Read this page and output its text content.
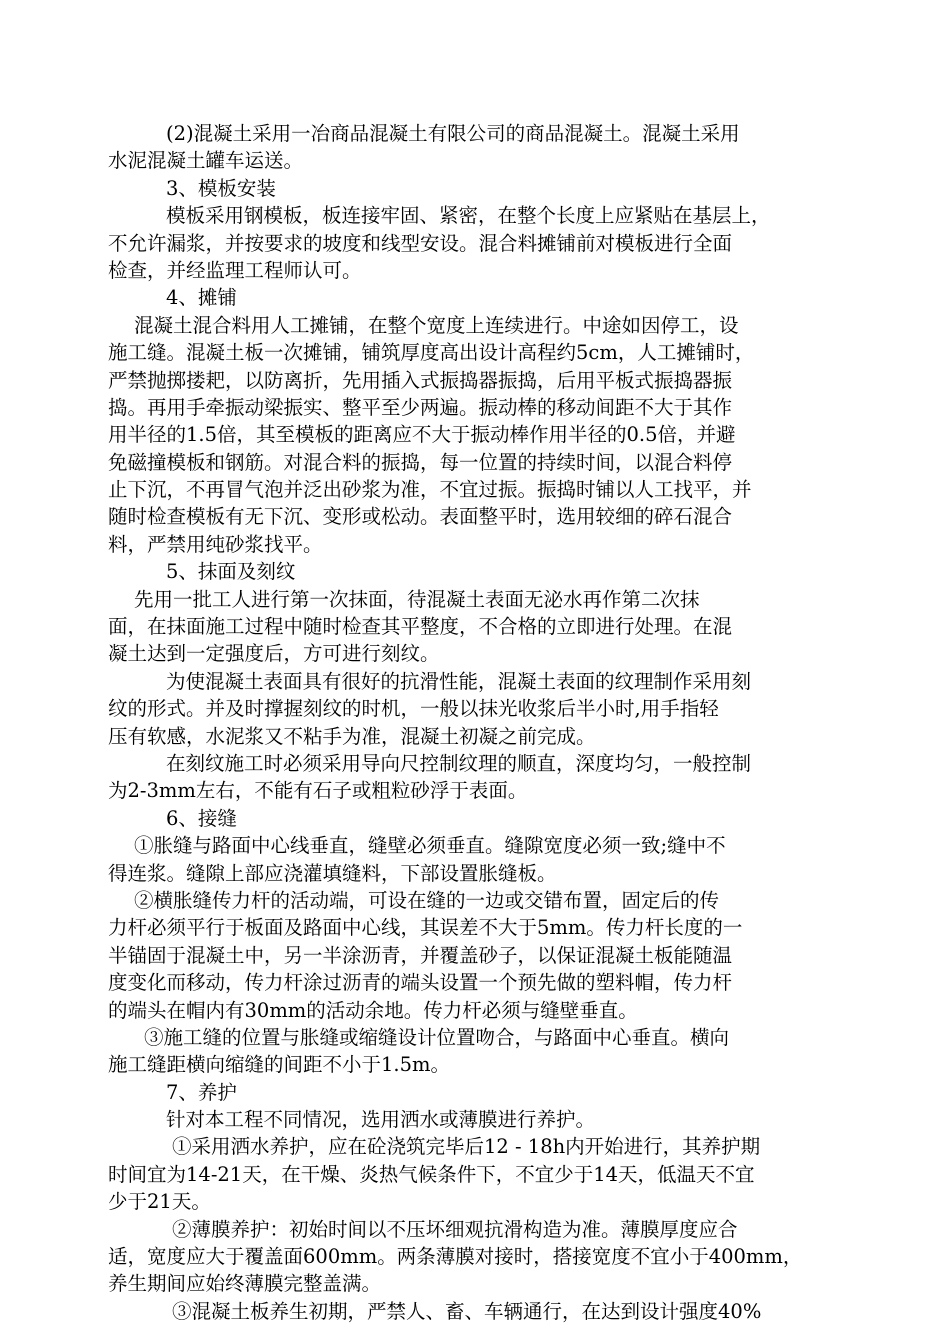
(2)混凝土采用一冶商品混凝土有限公司的商品混凝土。混凝土采用
水泥混凝土罐车运送。
3、模板安装
模板采用钢模板，板连接牢固、紧密，在整个长度上应紧贴在基层上，
不允许漏浆，并按要求的坡度和线型安设。混合料摊铺前对模板进行全面
检查，并经监理工程师认可。
4、摊铺
混凝土混合料用人工摊铺，在整个宽度上连续进行。中途如因停工，设
施工缝。混凝土板一次摊铺，铺筑厚度高出设计高程约5cm，人工摊铺时，
严禁抛掷搂耙，以防离折，先用插入式振捣器振捣，后用平板式振捣器振
捣。再用手牵振动梁振实、整平至少两遍。振动棒的移动间距不大于其作
用半径的1.5倍，其至模板的距离应不大于振动棒作用半径的0.5倍，并避
免磁撞模板和钢筋。对混合料的振捣，每一位置的持续时间，以混合料停
止下沉，不再冒气泡并泛出砂浆为准，不宜过振。振捣时铺以人工找平，并
随时检查模板有无下沉、变形或松动。表面整平时，选用较细的碎石混合
料，严禁用纯砂浆找平。
5、抹面及刻纹
先用一批工人进行第一次抹面，待混凝土表面无泌水再作第二次抹
面，在抹面施工过程中随时检查其平整度，不合格的立即进行处理。在混
凝土达到一定强度后，方可进行刻纹。
为使混凝土表面具有很好的抗滑性能，混凝土表面的纹理制作采用刻
纹的形式。并及时撑握刻纹的时机，一般以抹光收浆后半小时,用手指轻
压有软感，水泥浆又不粘手为准，混凝土初凝之前完成。
在刻纹施工时必须采用导向尺控制纹理的顺直，深度均匀，一般控制
为2-3mm左右，不能有石子或粗粒砂浮于表面。
6、接缝
①胀缝与路面中心线垂直，缝壁必须垂直。缝隙宽度必须一致;缝中不
得连浆。缝隙上部应浇灌填缝料，下部设置胀缝板。
②横胀缝传力杆的活动端，可设在缝的一边或交错布置，固定后的传
力杆必须平行于板面及路面中心线，其误差不大于5mm。传力杆长度的一
半锚固于混凝土中，另一半涂沥青，并覆盖砂子，以保证混凝土板能随温
度变化而移动，传力杆涂过沥青的端头设置一个预先做的塑料帽，传力杆
的端头在帽内有30mm的活动余地。传力杆必须与缝壁垂直。
③施工缝的位置与胀缝或缩缝设计位置吻合，与路面中心垂直。横向
施工缝距横向缩缝的间距不小于1.5m。
7、养护
针对本工程不同情况，选用洒水或薄膜进行养护。
①采用洒水养护，应在砼浇筑完毕后12 - 18h内开始进行，其养护期
时间宜为14-21天，在干燥、炎热气候条件下，不宜少于14天，低温天不宜
少于21天。
②薄膜养护：初始时间以不压坏细观抗滑构造为准。薄膜厚度应合
适，宽度应大于覆盖面600mm。两条薄膜对接时，搭接宽度不宜小于400mm，
养生期间应始终薄膜完整盖满。
③混凝土板养生初期，严禁人、畜、车辆通行，在达到设计强度40%
